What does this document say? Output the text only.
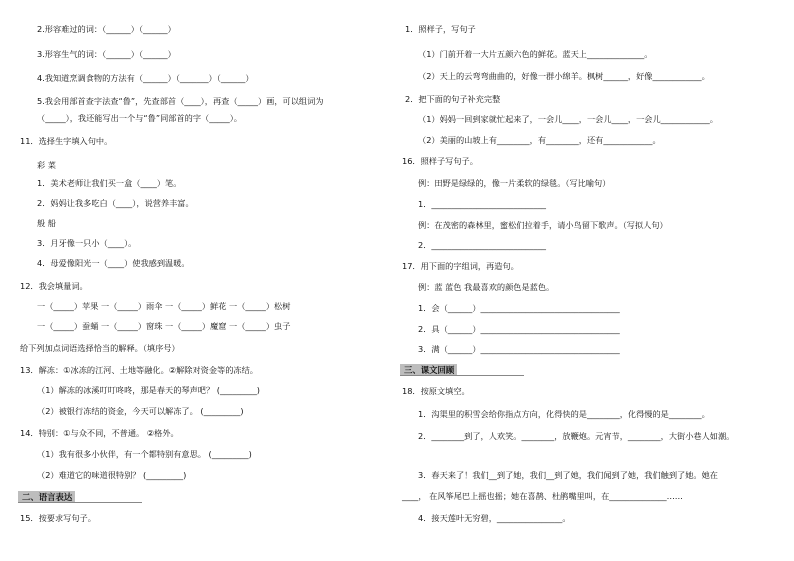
2.形容难过的词：（______）（______）
3.形容生气的词：（______）（______）
4.我知道烹调食物的方法有（______）（_______）（______）
5.我会用部首查字法查“鲁”，先查部首（____），再查（_____）画，可以组词为
（_____），我还能写出一个与“鲁”同部首的字（_____）。
11．选择生字填入句中。
彩 菜
1．美术老师让我们买一盒（____）笔。
2．妈妈让我多吃白（____），说营养丰富。
般 船
3．月牙像一只小（____）。
4．母爱像阳光一（____）使我感到温暖。
12．我会填量词。
一（_____）苹果 一（_____）雨伞 一（_____）鲜花 一（_____）松树
一（_____）蚕蛹 一（_____）窗珠 一（_____）魔窟 一（_____）虫子
给下列加点词语选择恰当的解释。（填序号）
13．解冻：①冰冻的江河、土地等融化。②解除对资金等的冻结。
（1）解冻的冰溪叮叮咚咚，那是春天的琴声吧？ (_________)
（2）被银行冻结的资金，今天可以解冻了。 (_________)
14．特别：①与众不同，不普通。 ②格外。
（1）我有很多小伙伴，有一个都特别有意思。 (_________)
（2）难道它的味道很特别？ (_________)
二、语言表达
15．按要求写句子。
1．照样子，写句子
（1）门前开着一大片五颜六色的鲜花。蓝天上______________。
（2）天上的云弯弯曲曲的，好像一群小绵羊。枫树______，好像____________。
2．把下面的句子补充完整
（1）妈妈一回到家就忙起来了，一会儿____，一会儿____，一会儿____________。
（2）美丽的山坡上有________，有________，还有____________。
16．照样子写句子。
例：田野是绿绿的，像一片柔软的绿毯。（写比喻句）
1．____________________________
例：在茂密的森林里，蜜松们拉着手，请小鸟留下歌声。（写拟人句）
2．____________________________
17．用下面的字组词，再造句。
例：蓝 蓝色 我最喜欢的颜色是蓝色。
1．会（______）__________________________________
2．具（______）__________________________________
3．满（______）__________________________________
三、课文回顾
18．按原文填空。
1．沟渠里的积雪会给你指点方向，化得快的是________，化得慢的是________。
2．________到了，人欢笑。________，放鞭炮。元宵节，________，大街小巷人如潮。
3．春天来了！我们__到了她，我们__到了她，我们闻到了她，我们触到了她。她在
____， 在风筝尾巴上摇也摇；她在喜鹊、杜鹃嘴里叫，在______________……
4．接天莲叶无穷碧，________________。
